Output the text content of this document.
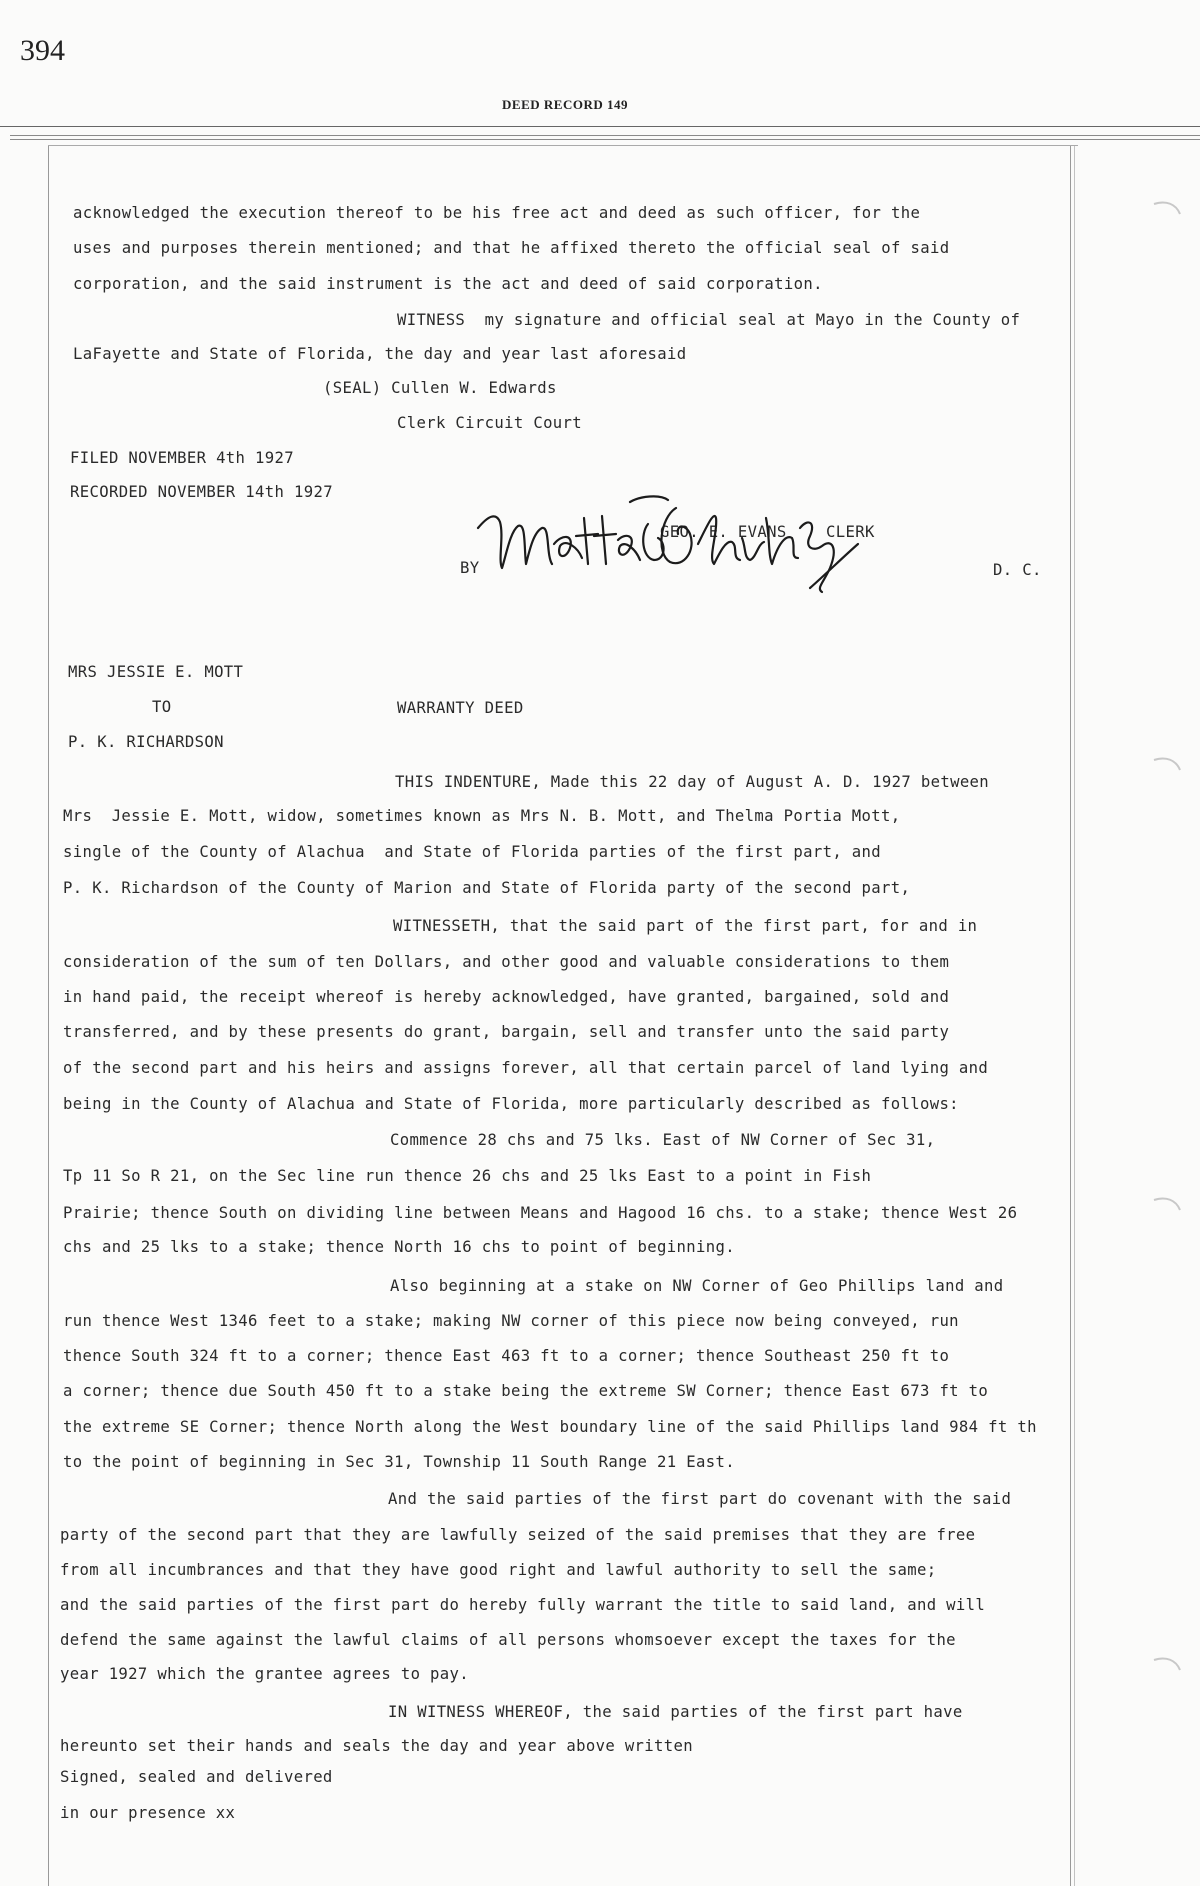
394
DEED RECORD 149
acknowledged the execution thereof to be his free act and deed as such officer, for the
uses and purposes therein mentioned; and that he affixed thereto the official seal of said
corporation, and the said instrument is the act and deed of said corporation.
WITNESS  my signature and official seal at Mayo in the County of
LaFayette and State of Florida, the day and year last aforesaid
(SEAL) Cullen W. Edwards
Clerk Circuit Court
FILED NOVEMBER 4th 1927
RECORDED NOVEMBER 14th 1927
GEO. E. EVANS	CLERK
BY	D. C.
MRS JESSIE E. MOTT
TO	WARRANTY DEED
P. K. RICHARDSON
THIS INDENTURE, Made this 22 day of August A. D. 1927 between
Mrs  Jessie E. Mott, widow, sometimes known as Mrs N. B. Mott, and Thelma Portia Mott,
single of the County of Alachua  and State of Florida parties of the first part, and
P. K. Richardson of the County of Marion and State of Florida party of the second part,
WITNESSETH, that the said part of the first part, for and in
consideration of the sum of ten Dollars, and other good and valuable considerations to them
in hand paid, the receipt whereof is hereby acknowledged, have granted, bargained, sold and
transferred, and by these presents do grant, bargain, sell and transfer unto the said party
of the second part and his heirs and assigns forever, all that certain parcel of land lying and
being in the County of Alachua and State of Florida, more particularly described as follows:
Commence 28 chs and 75 lks. East of NW Corner of Sec 31,
Tp 11 So R 21, on the Sec line run thence 26 chs and 25 lks East to a point in Fish
Prairie; thence South on dividing line between Means and Hagood 16 chs. to a stake; thence West 26
chs and 25 lks to a stake; thence North 16 chs to point of beginning.
Also beginning at a stake on NW Corner of Geo Phillips land and
run thence West 1346 feet to a stake; making NW corner of this piece now being conveyed, run
thence South 324 ft to a corner; thence East 463 ft to a corner; thence Southeast 250 ft to
a corner; thence due South 450 ft to a stake being the extreme SW Corner; thence East 673 ft to
the extreme SE Corner; thence North along the West boundary line of the said Phillips land 984 ft th
to the point of beginning in Sec 31, Township 11 South Range 21 East.
And the said parties of the first part do covenant with the said
party of the second part that they are lawfully seized of the said premises that they are free
from all incumbrances and that they have good right and lawful authority to sell the same;
and the said parties of the first part do hereby fully warrant the title to said land, and will
defend the same against the lawful claims of all persons whomsoever except the taxes for the
year 1927 which the grantee agrees to pay.
IN WITNESS WHEREOF, the said parties of the first part have
hereunto set their hands and seals the day and year above written
Signed, sealed and delivered
in our presence xx
